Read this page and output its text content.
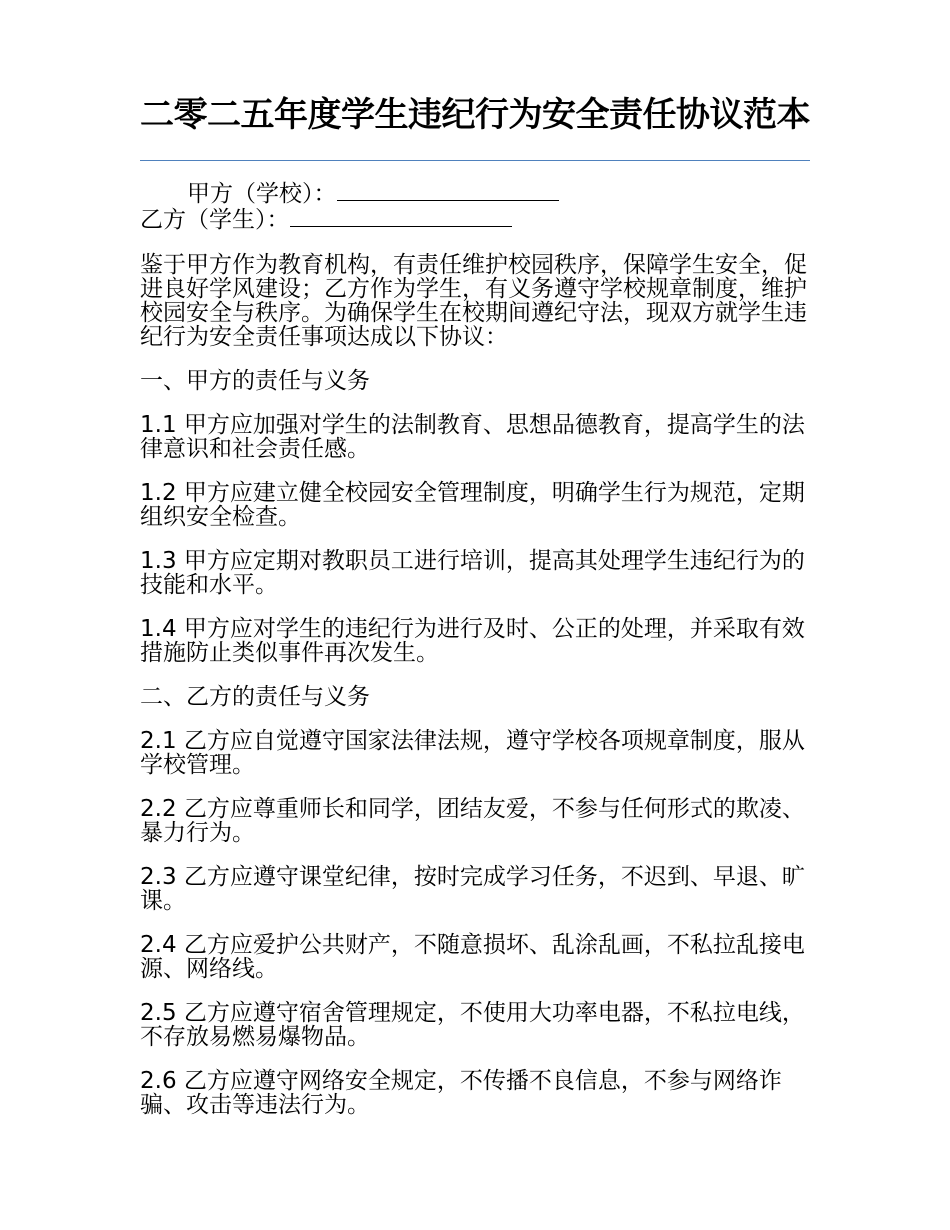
二零二五年度学生违纪行为安全责任协议范本

甲方（学校）：

乙方（学生）：

鉴于甲方作为教育机构，有责任维护校园秩序，保障学生安全，促进良好学风建设；乙方作为学生，有义务遵守学校规章制度，维护校园安全与秩序。为确保学生在校期间遵纪守法，现双方就学生违纪行为安全责任事项达成以下协议：

一、甲方的责任与义务

1.1 甲方应加强对学生的法制教育、思想品德教育，提高学生的法律意识和社会责任感。

1.2 甲方应建立健全校园安全管理制度，明确学生行为规范，定期组织安全检查。

1.3 甲方应定期对教职员工进行培训，提高其处理学生违纪行为的技能和水平。

1.4 甲方应对学生的违纪行为进行及时、公正的处理，并采取有效措施防止类似事件再次发生。

二、乙方的责任与义务

2.1 乙方应自觉遵守国家法律法规，遵守学校各项规章制度，服从学校管理。

2.2 乙方应尊重师长和同学，团结友爱，不参与任何形式的欺凌、暴力行为。

2.3 乙方应遵守课堂纪律，按时完成学习任务，不迟到、早退、旷课。

2.4 乙方应爱护公共财产，不随意损坏、乱涂乱画，不私拉乱接电源、网络线。

2.5 乙方应遵守宿舍管理规定，不使用大功率电器，不私拉电线，不存放易燃易爆物品。

2.6 乙方应遵守网络安全规定，不传播不良信息，不参与网络诈骗、攻击等违法行为。
